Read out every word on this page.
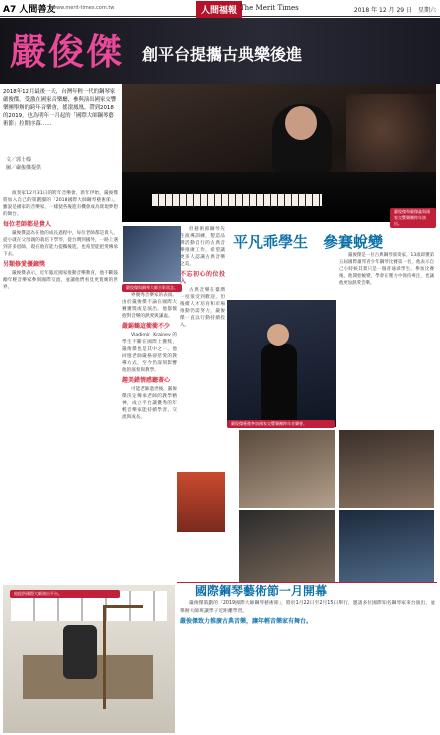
A7 人間善友
www.merit-times.com.tw	人間福報 The Merit Times	2018 年 12 月 29 日　星期六
嚴俊傑 創平台提攜古典樂後進
2018年12月最後一天，台灣年輕一代的鋼琴家嚴俊傑，受激在國家音樂廳，參與演出國家交響樂團舉辦的跨年音樂會，搖滾鳳凰。帶到2018的2019，也為明年一月起的「國際大師鋼琴藝術節」拉開序幕……
文／郭士榛
圖／嚴俊傑提供
嚴俊傑和嚴傑鑫與國家交響樂團跨年演出。

演奏家12月31日的跨年音樂會，新年伊始，嚴俊傑將加入自己的策劃團的「2018國際大師鋼琴藝術節」。雖說是國家的音樂家，一樣使各後進有機會成為實現夢想的舞台。

每位老師都是貴人

嚴俊傑認為在他的成長過程中，每位老師都是貴人，從小就在父母親的栽培下學琴，從台灣到國外，一路上遇到許多恩師，現在他有能力提攜後進，也希望能把愛傳承下去。

另類修愛優鐘獎

嚴俊傑表示，近年臨近國家推動音樂教育，他不斷鼓勵年輕音樂家參與國際交流，並讓他們看見更寬廣的世界。	嚴俊傑與鋼琴大師合影留念。

界優秀音樂家的表演。由於嚴俊傑不論在國際大賽獲獎或是演出，他都懷抱對音樂的熱愛與謙虛。

嚴錫鶴這衝衝不少

Vladimir Krainev的學生不斷在國際上獲獎，嚴俊傑也是其中之一。他回憶老師嚴格卻慈愛的教導方式，至今仍深刻影響他的演奏與教學。

趣美錯情感聽著心

可能老師過世後，嚴俊傑決定傳承老師的教學精神，成立平台讓優秀的年輕音樂家能持續學習、交流與成長。

但藝術節鋼琴先生演導訓練，製造品牌活動自行的古典音樂推廣工作，希望讓更多人認識古典音樂之美。

不忘初心的位投入

古典音樂在臺灣一度很受到歡迎，但後續人才培育和市場推動仍需努力，嚴俊傑一直以行動持續投入。

平凡乖學生　參賽蛻變

嚴俊傑是一位古典鋼琴演奏家，13歲即獲第五屆國際蕭邦青少年鋼琴比賽第一名，他表示自己小時候其實只是一個普通乖學生。參加比賽後，他開始蛻變，學會在壓力中保持專注，也讓他更加熱愛音樂。

嚴俊傑獲邀參加國家交響樂團跨年音樂會。
國際鋼琴藝術節一月開幕
他提供國際大師演出平台。

嚴俊傑策劃的「2019國際大師鋼琴藝術節」，將於1月22日至2月15日舉行，邀請多位國際知名鋼琴家來台演出，並舉辦大師班讓學子近距離學習。

嚴俊傑致力推廣古典音樂，讓年輕音樂家有舞台。
